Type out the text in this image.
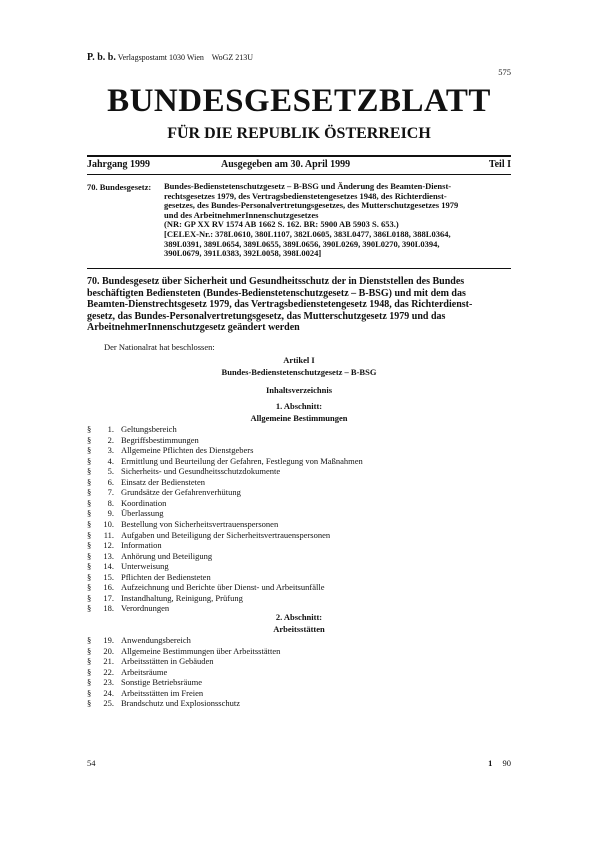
P. b. b. Verlagspostamt 1030 Wien    WoGZ 213U
575
BUNDESGESETZBLATT
FÜR DIE REPUBLIK ÖSTERREICH
Jahrgang 1999	Ausgegeben am 30. April 1999	Teil I
70. Bundesgesetz: Bundes-Bedienstetenschutzgesetz – B-BSG und Änderung des Beamten-Dienst-
rechtsgesetzes 1979, des Vertragsbedienstetengesetzes 1948, des Richterdienst-
gesetzes, des Bundes-Personalvertretungsgesetzes, des Mutterschutzgesetzes 1979
und des ArbeitnehmerInnenschutzgesetzes
(NR: GP XX RV 1574 AB 1662 S. 162. BR: 5900 AB 5903 S. 653.)
[CELEX-Nr.: 378L0610, 380L1107, 382L0605, 383L0477, 386L0188, 388L0364,
389L0391, 389L0654, 389L0655, 389L0656, 390L0269, 390L0270, 390L0394,
390L0679, 391L0383, 392L0058, 398L0024]
70. Bundesgesetz über Sicherheit und Gesundheitsschutz der in Dienststellen des Bundes
beschäftigten Bediensteten (Bundes-Bedienstetenschutzgesetz – B-BSG) und mit dem das
Beamten-Dienstrechtsgesetz 1979, das Vertragsbedienstetengesetz 1948, das Richterdienst-
gesetz, das Bundes-Personalvertretungsgesetz, das Mutterschutzgesetz 1979 und das
ArbeitnehmerInnenschutzgesetz geändert werden
Der Nationalrat hat beschlossen:
Artikel I
Bundes-Bedienstetenschutzgesetz – B-BSG
Inhaltsverzeichnis
1. Abschnitt:
Allgemeine Bestimmungen
§	1. Geltungsbereich
§	2. Begriffsbestimmungen
§	3. Allgemeine Pflichten des Dienstgebers
§	4. Ermittlung und Beurteilung der Gefahren, Festlegung von Maßnahmen
§	5. Sicherheits- und Gesundheitsschutzdokumente
§	6. Einsatz der Bediensteten
§	7. Grundsätze der Gefahrenverhütung
§	8. Koordination
§	9. Überlassung
§ 10. Bestellung von Sicherheitsvertrauenspersonen
§	11. Aufgaben und Beteiligung der Sicherheitsvertrauenspersonen
§ 12. Information
§ 13. Anhörung und Beteiligung
§ 14. Unterweisung
§ 15. Pflichten der Bediensteten
§ 16. Aufzeichnung und Berichte über Dienst- und Arbeitsunfälle
§ 17. Instandhaltung, Reinigung, Prüfung
§ 18. Verordnungen
2. Abschnitt:
Arbeitsstätten
§ 19. Anwendungsbereich
§ 20. Allgemeine Bestimmungen über Arbeitsstätten
§ 21. Arbeitsstätten in Gebäuden
§ 22. Arbeitsräume
§ 23. Sonstige Betriebsräume
§ 24. Arbeitsstätten im Freien
§ 25. Brandschutz und Explosionsschutz
54	1 90
